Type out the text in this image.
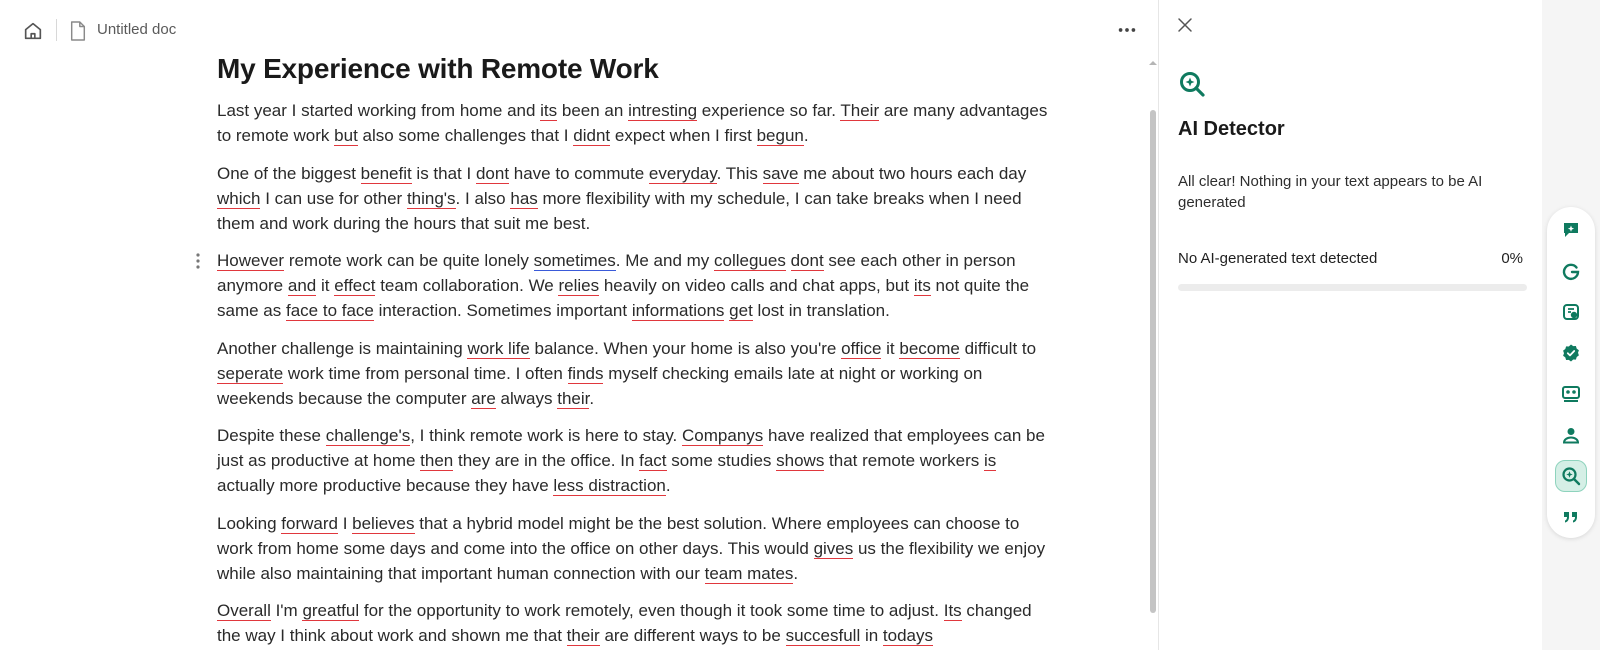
Untitled doc
My Experience with Remote Work

Last year I started working from home and its been an intresting experience so far. Their are many advantages to remote work but also some challenges that I didnt expect when I first begun.

One of the biggest benefit is that I dont have to commute everyday. This save me about two hours each day which I can use for other thing's. I also has more flexibility with my schedule, I can take breaks when I need them and work during the hours that suit me best.

However remote work can be quite lonely sometimes. Me and my collegues dont see each other in person anymore and it effect team collaboration. We relies heavily on video calls and chat apps, but its not quite the same as face to face interaction. Sometimes important informations get lost in translation.

Another challenge is maintaining work life balance. When your home is also you're office it become difficult to seperate work time from personal time. I often finds myself checking emails late at night or working on weekends because the computer are always their.

Despite these challenge's, I think remote work is here to stay. Companys have realized that employees can be just as productive at home then they are in the office. In fact some studies shows that remote workers is actually more productive because they have less distraction.

Looking forward I believes that a hybrid model might be the best solution. Where employees can choose to work from home some days and come into the office on other days. This would gives us the flexibility we enjoy while also maintaining that important human connection with our team mates.

Overall I'm greatful for the opportunity to work remotely, even though it took some time to adjust. Its changed the way I think about work and shown me that their are different ways to be succesfull in todays

AI Detector
All clear! Nothing in your text appears to be AI generated
No AI-generated text detected	0%
